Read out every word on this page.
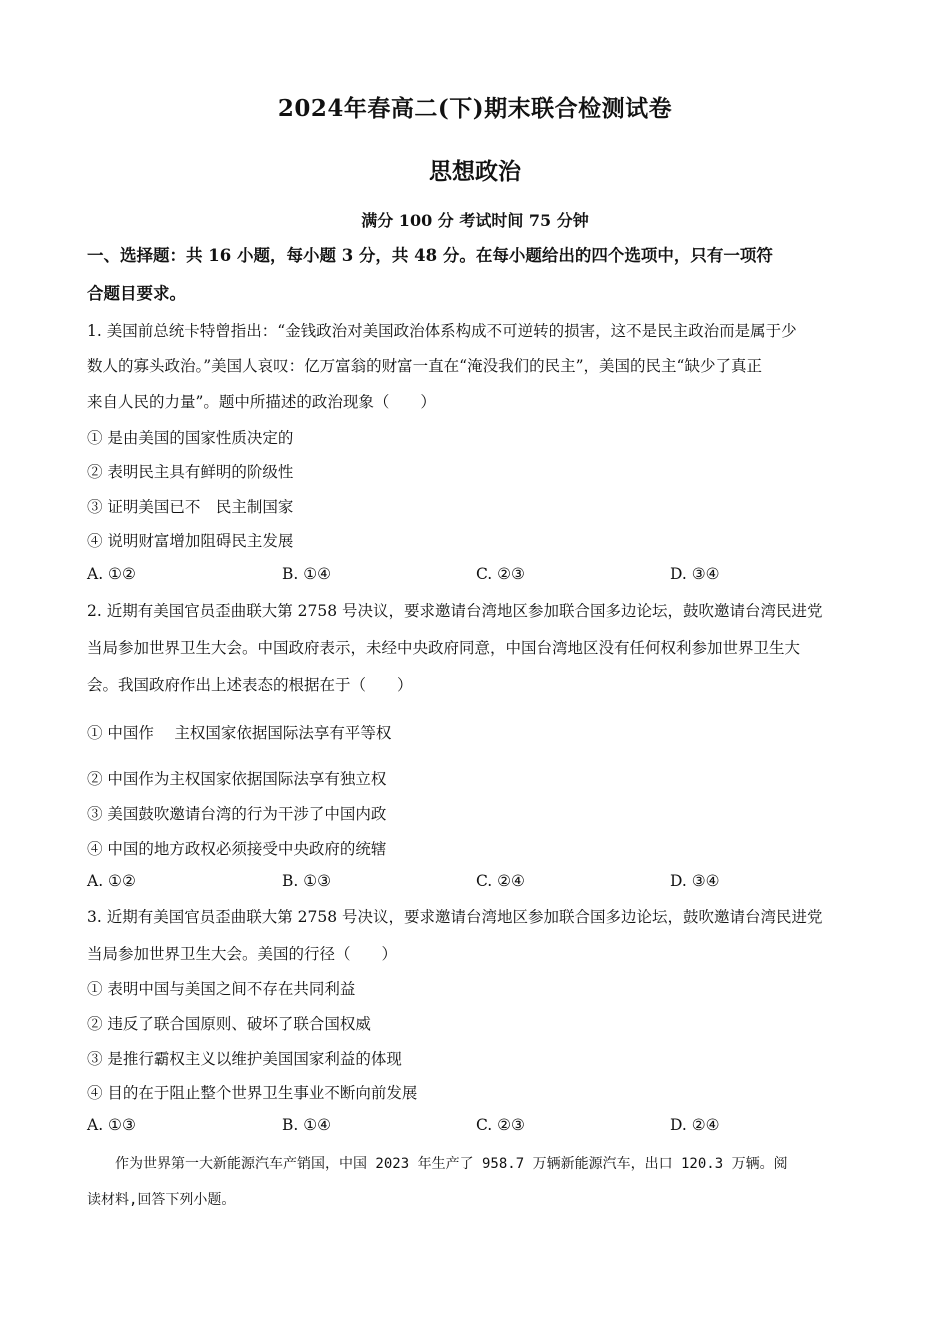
2024年春高二(下)期末联合检测试卷
思想政治
满分 100 分 考试时间 75 分钟
一、选择题：共 16 小题，每小题 3 分，共 48 分。在每小题给出的四个选项中，只有一项符
合题目要求。
1. 美国前总统卡特曾指出：“金钱政治对美国政治体系构成不可逆转的损害，这不是民主政治而是属于少
数人的寡头政治。”美国人哀叹：亿万富翁的财富一直在“淹没我们的民主”，美国的民主“缺少了真正
来自人民的力量”。题中所描述的政治现象（　　）
① 是由美国的国家性质决定的
② 表明民主具有鲜明的阶级性
③ 证明美国已不　民主制国家
④ 说明财富增加阻碍民主发展
A. ①②	B. ①④	C. ②③	D. ③④
2. 近期有美国官员歪曲联大第 2758 号决议，要求邀请台湾地区参加联合国多边论坛，鼓吹邀请台湾民进党
当局参加世界卫生大会。中国政府表示，未经中央政府同意，中国台湾地区没有任何权利参加世界卫生大
会。我国政府作出上述表态的根据在于（　　）
① 中国作　 主权国家依据国际法享有平等权
② 中国作为主权国家依据国际法享有独立权
③ 美国鼓吹邀请台湾的行为干涉了中国内政
④ 中国的地方政权必须接受中央政府的统辖
A. ①②	B. ①③	C. ②④	D. ③④
3. 近期有美国官员歪曲联大第 2758 号决议，要求邀请台湾地区参加联合国多边论坛，鼓吹邀请台湾民进党
当局参加世界卫生大会。美国的行径（　　）
① 表明中国与美国之间不存在共同利益
② 违反了联合国原则、破坏了联合国权威
③ 是推行霸权主义以维护美国国家利益的体现
④ 目的在于阻止整个世界卫生事业不断向前发展
A. ①③	B. ①④	C. ②③	D. ②④
　　作为世界第一大新能源汽车产销国，中国 2023 年生产了 958.7 万辆新能源汽车，出口 120.3 万辆。阅
读材料,回答下列小题。
